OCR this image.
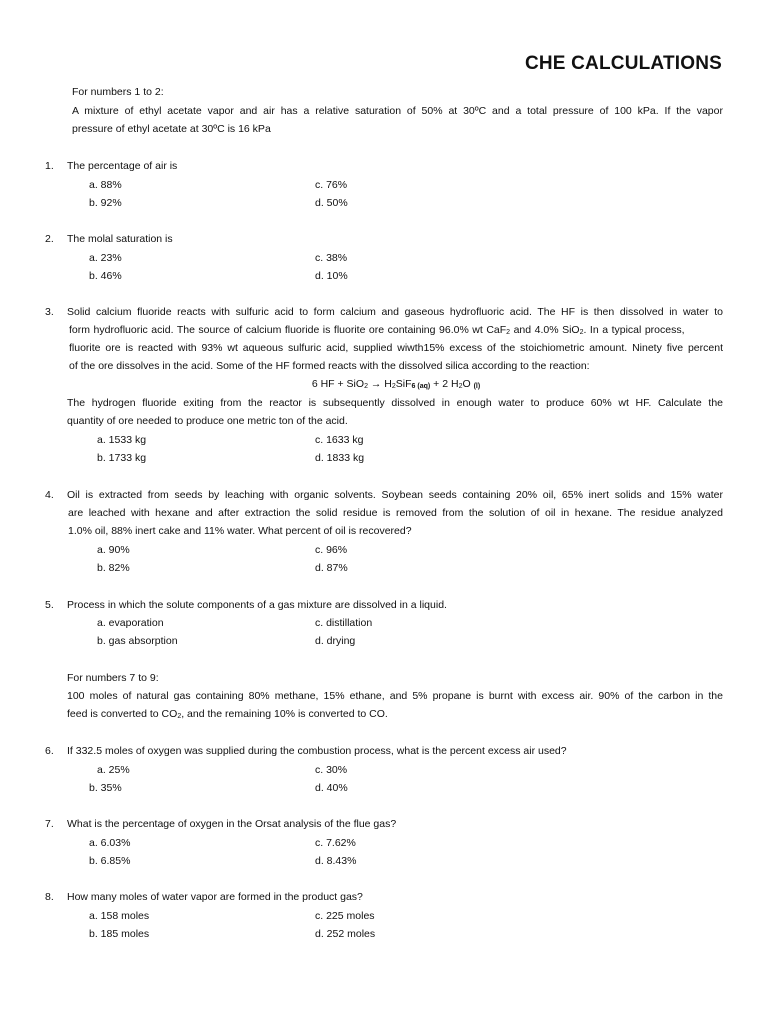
CHE CALCULATIONS
For numbers 1 to 2:
A mixture of ethyl acetate vapor and air has a relative saturation of 50% at 30ºC and a total pressure of 100 kPa. If the vapor
pressure of ethyl acetate at 30ºC is 16 kPa
1. The percentage of air is
a. 88%
b. 92%
c. 76%
d. 50%
2. The molal saturation is
a. 23%
b. 46%
c. 38%
d. 10%
3. Solid calcium fluoride reacts with sulfuric acid to form calcium and gaseous hydrofluoric acid. The HF is then dissolved in water to
form hydrofluoric acid. The source of calcium fluoride is fluorite ore containing 96.0% wt CaF$_2$ and 4.0% SiO$_2$. In a typical process,
fluorite ore is reacted with 93% wt aqueous sulfuric acid, supplied wiwth15% excess of the stoichiometric amount. Ninety five percent
of the ore dissolves in the acid. Some of the HF formed reacts with the dissolved silica according to the reaction:
6 HF + $SiO_2 \to H_2SiF_{6 (aq)} + 2$ $H_2O$ $_{(l)}$
The hydrogen fluoride exiting from the reactor is subsequently dissolved in enough water to produce 60% wt HF. Calculate the
quantity of ore needed to produce one metric ton of the acid.
a. 1533 kg
b. 1733 kg
c. 1633 kg
d. 1833 kg
4. Oil is extracted from seeds by leaching with organic solvents. Soybean seeds containing 20% oil, 65% inert solids and 15% water
are leached with hexane and after extraction the solid residue is removed from the solution of oil in hexane. The residue analyzed
1.0% oil, 88% inert cake and 11% water. What percent of oil is recovered?
a. 90%
b. 82%
c. 96%
d. 87%
5. Process in which the solute components of a gas mixture are dissolved in a liquid.
a. evaporation
b. gas absorption
c. distillation
d. drying
For numbers 7 to 9:
100 moles of natural gas containing 80% methane, 15% ethane, and 5% propane is burnt with excess air. 90% of the carbon in the
feed is converted to $CO_2$, and the remaining 10% is converted to CO.
6. If 332.5 moles of oxygen was supplied during the combustion process, what is the percent excess air used?
a. 25%
b. 35%
c. 30%
d. 40%
7. What is the percentage of oxygen in the Orsat analysis of the flue gas?
a. 6.03%
b. 6.85%
c. 7.62%
d. 8.43%
8. How many moles of water vapor are formed in the product gas?
a. 158 moles
b. 185 moles
c. 225 moles
d. 252 moles
